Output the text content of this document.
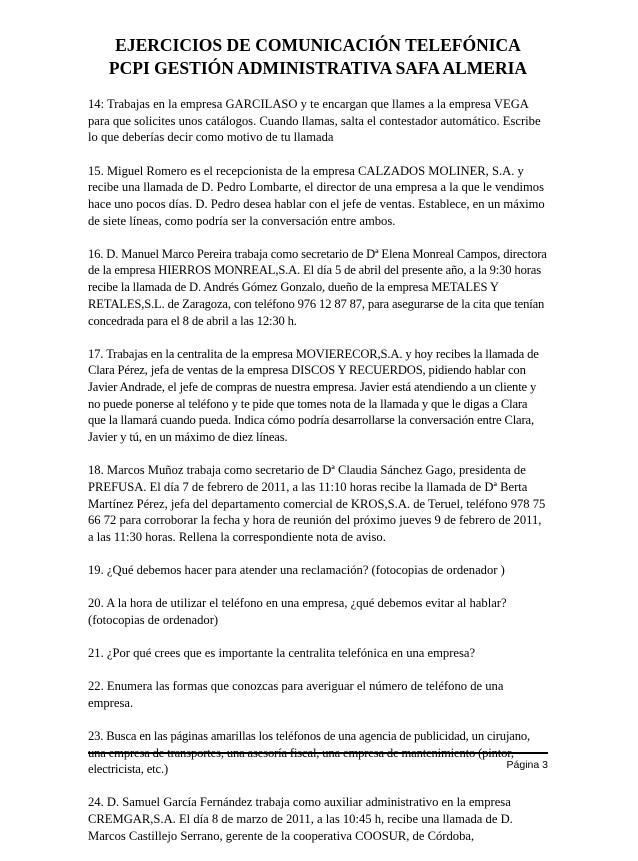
EJERCICIOS DE COMUNICACIÓN TELEFÓNICA

PCPI GESTIÓN ADMINISTRATIVA SAFA ALMERIA

14: Trabajas en la empresa GARCILASO y te encargan que llames a la empresa VEGA para que solicites unos catálogos. Cuando llamas, salta el contestador automático. Escribe lo que deberías decir como motivo de tu llamada

15. Miguel Romero es el recepcionista de la empresa CALZADOS MOLINER, S.A. y recibe una llamada de D. Pedro Lombarte, el director de una empresa a la que le vendimos hace uno pocos días. D. Pedro desea hablar con el jefe de ventas. Establece, en un máximo de siete líneas, como podría ser la conversación entre ambos.

16. D. Manuel Marco Pereira trabaja como secretario de Dª Elena Monreal Campos, directora de la empresa HIERROS MONREAL,S.A. El día 5 de abril del presente año, a la 9:30 horas recibe la llamada de D. Andrés Gómez Gonzalo, dueño de la empresa METALES Y RETALES,S.L. de Zaragoza, con teléfono 976 12 87 87, para asegurarse de la cita que tenían concedrada para el 8 de abril a las 12:30 h.

17. Trabajas en la centralita de la empresa MOVIERECOR,S.A. y hoy recibes la llamada de Clara Pérez, jefa de ventas de la empresa DISCOS Y RECUERDOS, pidiendo hablar con Javier Andrade, el jefe de compras de nuestra empresa. Javier está atendiendo a un cliente y no puede ponerse al teléfono y te pide que tomes nota de la llamada y que le digas a Clara que la llamará cuando pueda. Indica cómo podría desarrollarse la conversación entre Clara, Javier y tú, en un máximo de diez líneas.

18. Marcos Muñoz trabaja como secretario de Dª Claudia Sánchez Gago, presidenta de PREFUSA. El día 7 de febrero de 2011, a las 11:10 horas recibe la llamada de Dª Berta Martínez Pérez, jefa del departamento comercial de KROS,S.A. de Teruel, teléfono 978 75 66 72 para corroborar la fecha y hora de reunión del próximo jueves 9 de febrero de 2011, a las 11:30 horas. Rellena la correspondiente nota de aviso.

19. ¿Qué debemos hacer para atender una reclamación? (fotocopias de ordenador )

20. A la hora de utilizar el teléfono en una empresa, ¿qué debemos evitar al hablar? (fotocopias de ordenador)

21. ¿Por qué crees que es importante la centralita telefónica en una empresa?

22. Enumera las formas que conozcas para averiguar el número de teléfono de una empresa.

23. Busca en las páginas amarillas los teléfonos de una agencia de publicidad, un cirujano, una empresa de transportes, una asesoría fiscal, una empresa de mantenimiento (pintor, electricista, etc.)

24. D. Samuel García Fernández trabaja como auxiliar administrativo en la empresa CREMGAR,S.A. El día 8 de marzo de 2011, a las 10:45 h, recibe una llamada de D. Marcos Castillejo Serrano, gerente de la cooperativa COOSUR, de Córdoba,

Página 3
